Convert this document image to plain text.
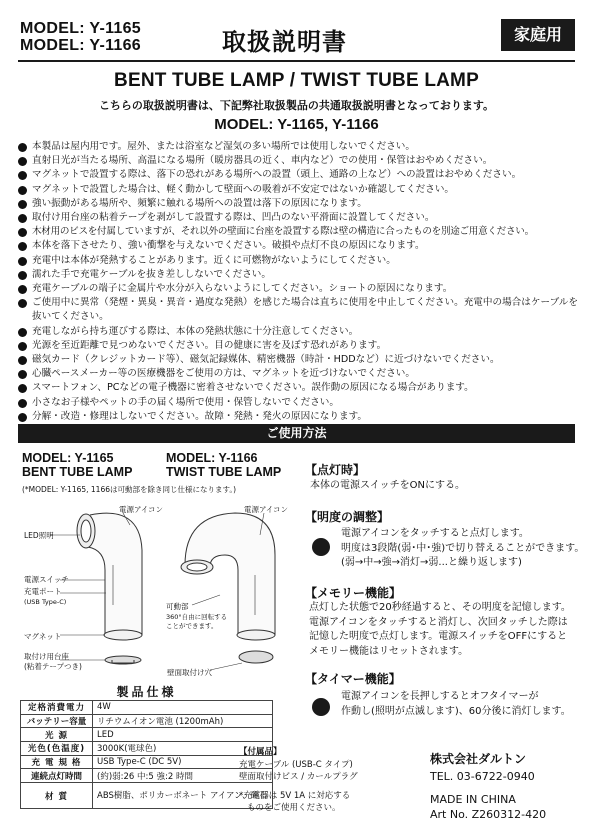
MODEL: Y-1165
MODEL: Y-1166	取扱説明書	家庭用
BENT TUBE LAMP / TWIST TUBE LAMP
こちらの取扱説明書は、下記弊社取扱製品の共通取扱説明書となっております。
MODEL: Y-1165, Y-1166
本製品は屋内用です。屋外、または浴室など湿気の多い場所では使用しないでください。
直射日光が当たる場所、高温になる場所（暖房器具の近く、車内など）での使用・保管はおやめください。
マグネットで設置する際は、落下の恐れがある場所への設置（頭上、通路の上など）への設置はおやめください。
マグネットで設置した場合は、軽く動かして壁面への吸着が不安定ではないか確認してください。
強い振動がある場所や、頻繁に触れる場所への設置は落下の原因になります。
取付け用台座の粘着テープを剥がして設置する際は、凹凸のない平滑面に設置してください。
木材用のビスを付属していますが、それ以外の壁面に台座を設置する際は壁の構造に合ったものを別途ご用意ください。
本体を落下させたり、強い衝撃を与えないでください。破損や点灯不良の原因になります。
充電中は本体が発熱することがあります。近くに可燃物がないようにしてください。
濡れた手で充電ケーブルを抜き差ししないでください。
充電ケーブルの端子に金属片や水分が入らないようにしてください。ショートの原因になります。
ご使用中に異常（発煙・異臭・異音・過度な発熱）を感じた場合は直ちに使用を中止してください。充電中の場合はケーブルを抜いてください。
充電しながら持ち運びする際は、本体の発熱状態に十分注意してください。
光源を至近距離で見つめないでください。目の健康に害を及ぼす恐れがあります。
磁気カード（クレジットカード等）、磁気記録媒体、精密機器（時計・HDDなど）に近づけないでください。
心臓ペースメーカー等の医療機器をご使用の方は、マグネットを近づけないでください。
スマートフォン、PCなどの電子機器に密着させないでください。誤作動の原因になる場合があります。
小さなお子様やペットの手の届く場所で使用・保管しないでください。
分解・改造・修理はしないでください。故障・発熱・発火の原因になります。
ご使用方法
MODEL: Y-1165
BENT TUBE LAMP
MODEL: Y-1166
TWIST TUBE LAMP
(*MODEL: Y-1165, 1166は可動部を除き同じ仕様になります。)
LED照明
電源アイコン	電源アイコン
電源スイッチ
充電ポート
(USB Type-C)
マグネット
取付け用台座
(粘着テープつき)
可動部
360°自由に回転する
ことができます。
壁面取付け穴
【点灯時】
本体の電源スイッチをONにする。
【明度の調整】
電源アイコンをタッチすると点灯します。
明度は3段階(弱･中･強)で切り替えることができます。
(弱→中→強→消灯→弱...と繰り返します)
【メモリー機能】
点灯した状態で20秒経過すると、その明度を記憶します。
電源アイコンをタッチすると消灯し、次回タッチした際は
記憶した明度で点灯します。電源スイッチをOFFにすると
メモリー機能はリセットされます。
【タイマー機能】
電源アイコンを長押しするとオフタイマーが
作動し(照明が点滅します)、60分後に消灯します。
製品仕様
定格消費電力	4W
バッテリー容量	リチウムイオン電池 (1200mAh)
光 源	LED
光色(色温度)	3000K(電球色)
充 電 規 格	USB Type-C (DC 5V)
連続点灯時間	(約)弱:26 中:5 強:2 時間
材 質	ABS樹脂、ポリカーボネート アイアン、磁石
【付属品】
充電ケーブル (USB-C タイプ)
壁面取付けビス / カールプラグ
*充電器は 5V 1A に対応する
ものをご使用ください。
株式会社ダルトン
TEL. 03-6722-0940
MADE IN CHINA
Art No. Z260312-420
